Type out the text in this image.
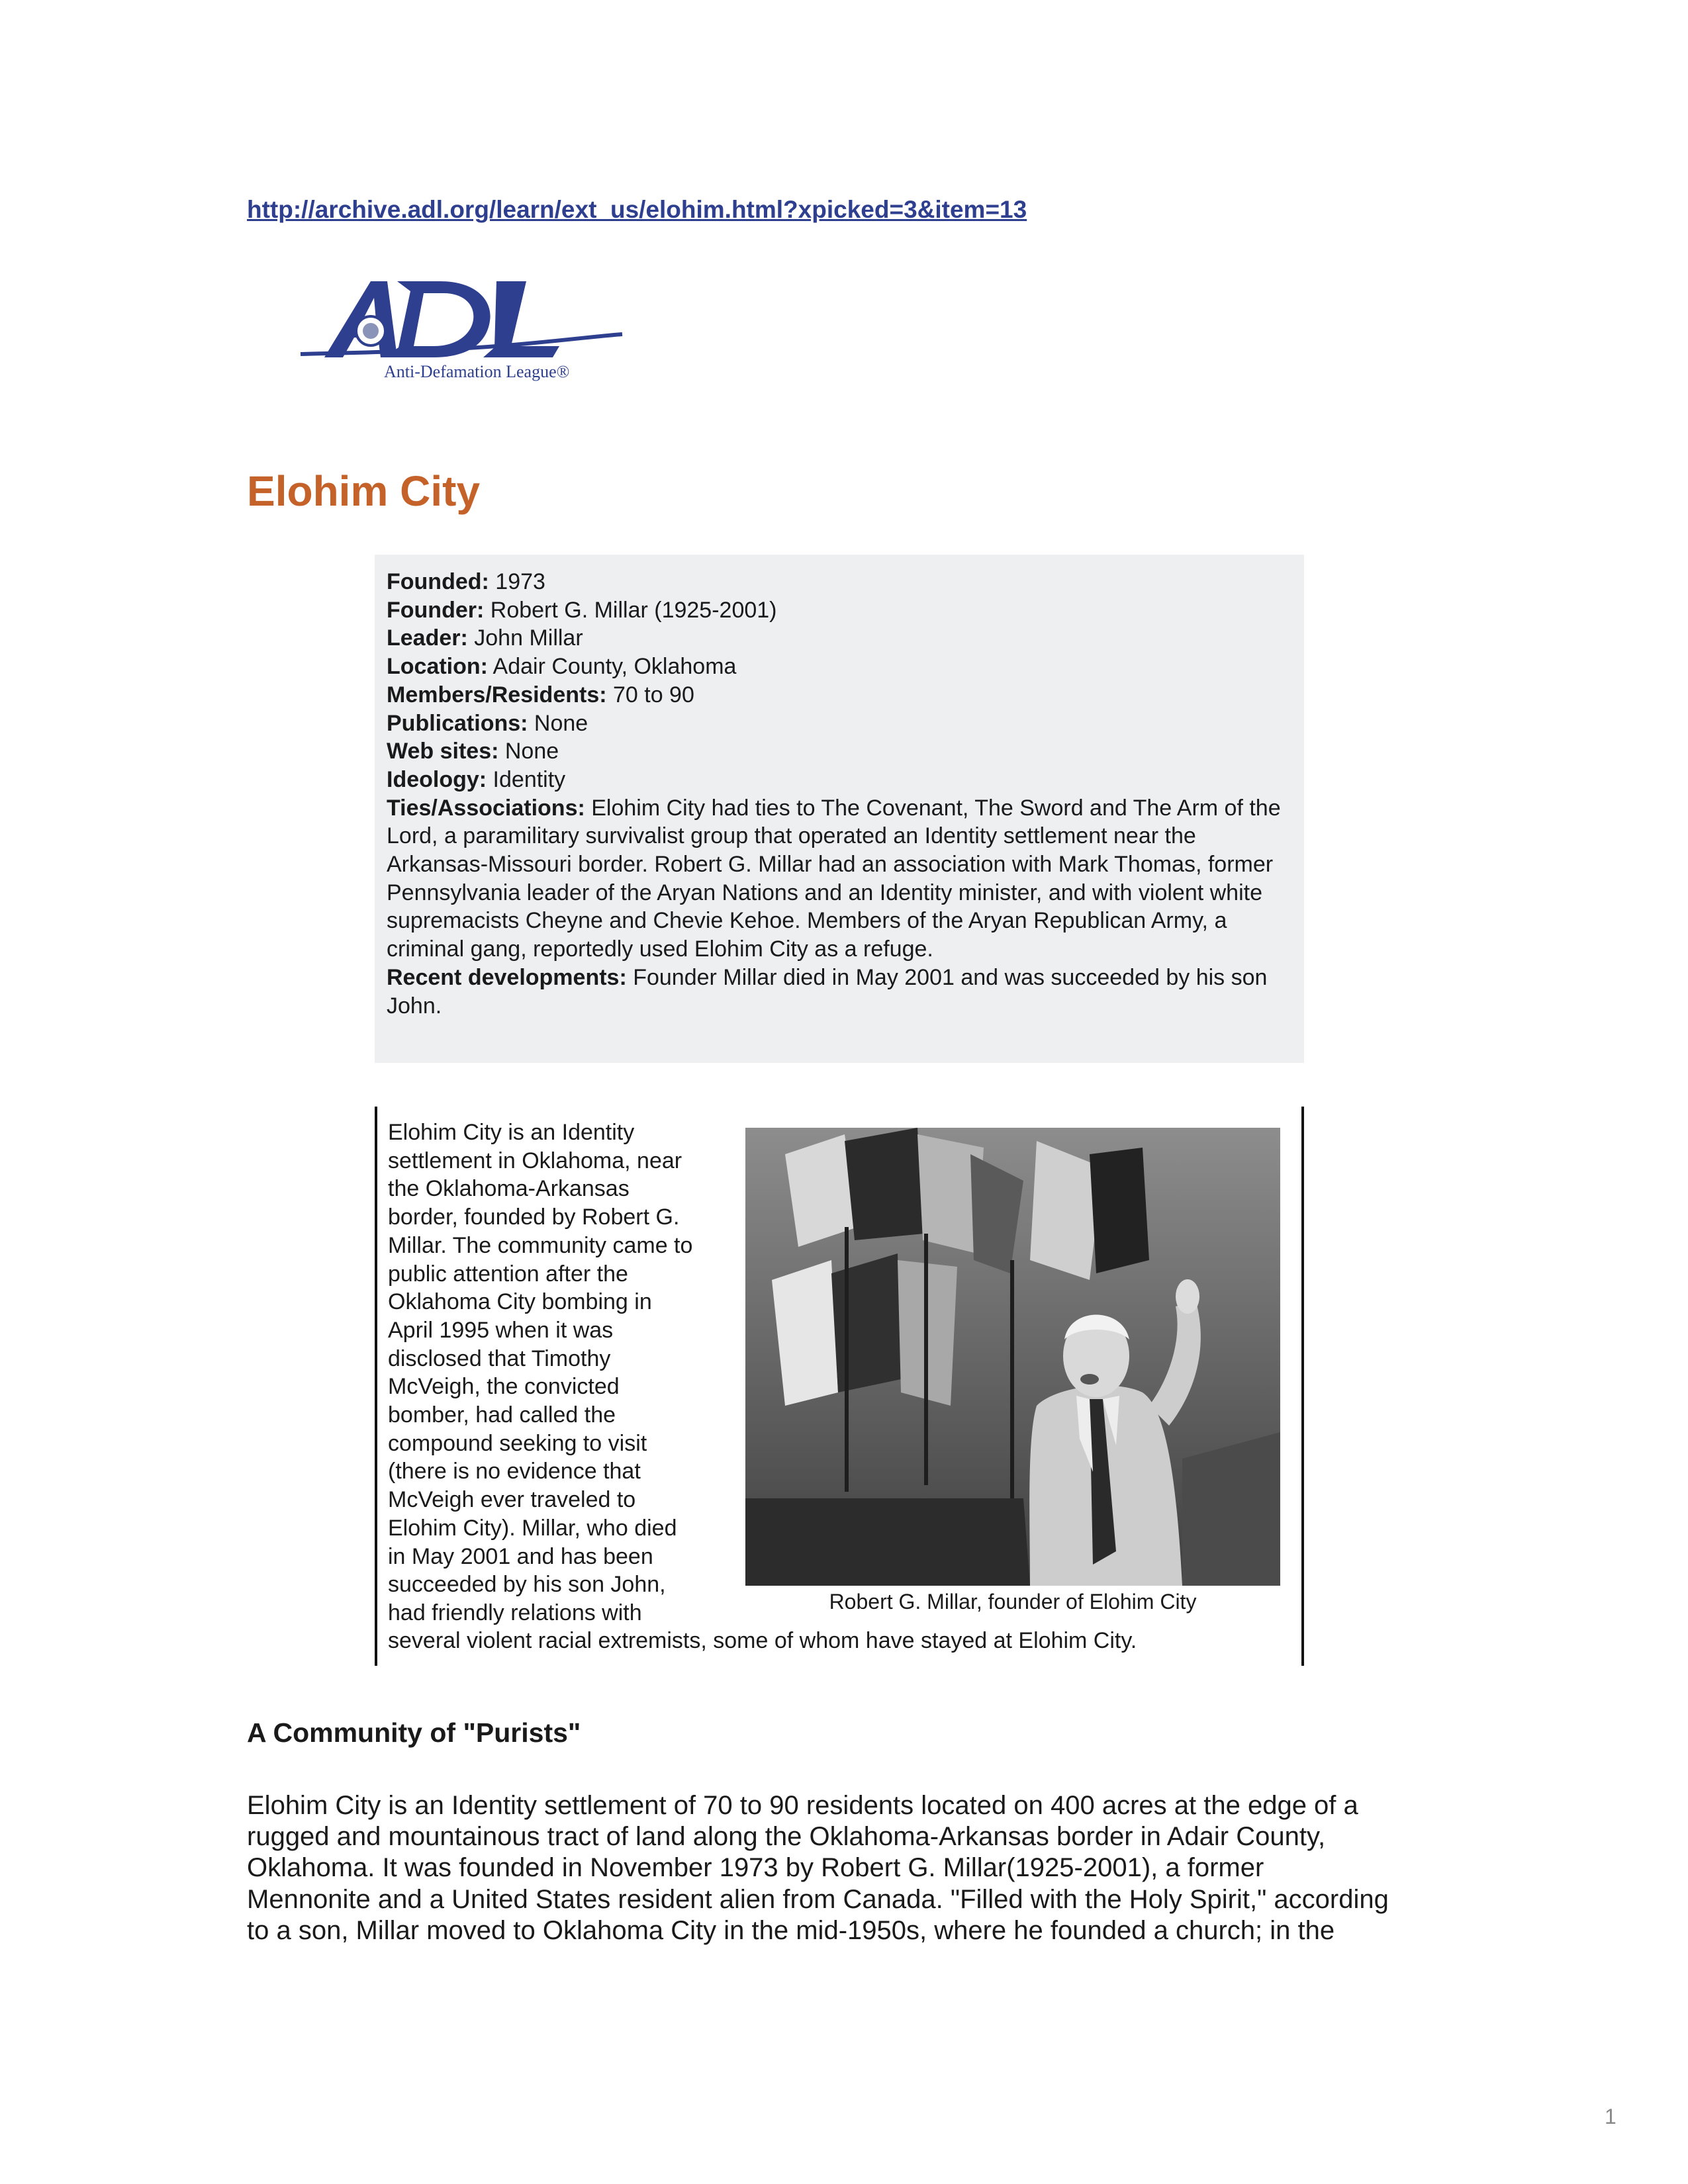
http://archive.adl.org/learn/ext_us/elohim.html?xpicked=3&item=13
Anti-Defamation League®
Elohim City

Founded: 1973

Founder: Robert G. Millar (1925-2001)

Leader: John Millar

Location: Adair County, Oklahoma

Members/Residents: 70 to 90

Publications: None

Web sites: None

Ideology: Identity

Ties/Associations: Elohim City had ties to The Covenant, The Sword and The Arm of the Lord, a paramilitary survivalist group that operated an Identity settlement near the Arkansas-Missouri border. Robert G. Millar had an association with Mark Thomas, former Pennsylvania leader of the Aryan Nations and an Identity minister, and with violent white supremacists Cheyne and Chevie Kehoe. Members of the Aryan Republican Army, a criminal gang, reportedly used Elohim City as a refuge.

Recent developments: Founder Millar died in May 2001 and was succeeded by his son John.

Elohim City is an Identity
settlement in Oklahoma, near
the Oklahoma-Arkansas
border, founded by Robert G.
Millar. The community came to
public attention after the
Oklahoma City bombing in
April 1995 when it was
disclosed that Timothy
McVeigh, the convicted
bomber, had called the
compound seeking to visit
(there is no evidence that
McVeigh ever traveled to
Elohim City). Millar, who died
in May 2001 and has been
succeeded by his son John,
had friendly relations with	Robert G. Millar, founder of Elohim City

several violent racial extremists, some of whom have stayed at Elohim City.

A Community of "Purists"

Elohim City is an Identity settlement of 70 to 90 residents located on 400 acres at the edge of a
rugged and mountainous tract of land along the Oklahoma-Arkansas border in Adair County,
Oklahoma. It was founded in November 1973 by Robert G. Millar(1925-2001), a former
Mennonite and a United States resident alien from Canada. "Filled with the Holy Spirit," according
to a son, Millar moved to Oklahoma City in the mid-1950s, where he founded a church; in the

1
